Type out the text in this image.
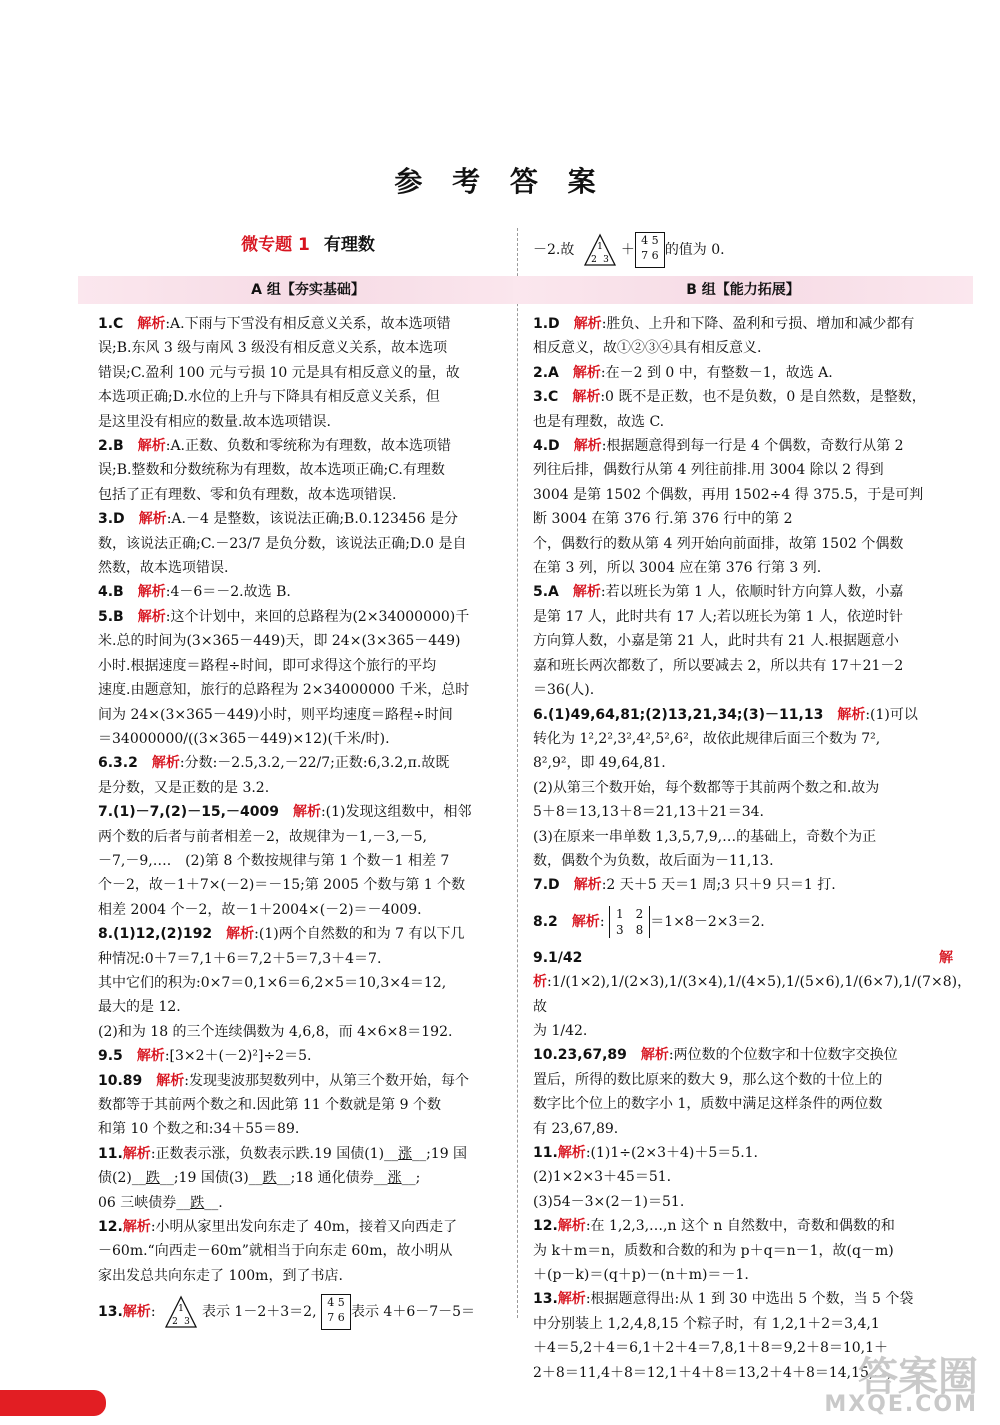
参 考 答 案
微专题 1 有理数
A 组【夯实基础】

1.C　 解析:A.下雨与下雪没有相反意义关系，故本选项错

误;B.东风 3 级与南风 3 级没有相反意义关系，故本选项

错误;C.盈利 100 元与亏损 10 元是具有相反意义的量，故

本选项正确;D.水位的上升与下降具有相反意义关系，但

是这里没有相应的数量.故本选项错误.

2.B　 解析:A.正数、负数和零统称为有理数，故本选项错

误;B.整数和分数统称为有理数，故本选项正确;C.有理数

包括了正有理数、零和负有理数，故本选项错误.

3.D　 解析:A.－4 是整数，该说法正确;B.0.123456 是分

数，该说法正确;C.－23/7 是负分数，该说法正确;D.0 是自

然数，故本选项错误.

4.B　 解析:4－6＝－2.故选 B.

5.B　 解析:这个计划中，来回的总路程为(2×34000000)千

米.总的时间为(3×365－449)天，即 24×(3×365－449)

小时.根据速度＝路程÷时间，即可求得这个旅行的平均

速度.由题意知，旅行的总路程为 2×34000000 千米，总时

间为 24×(3×365－449)小时，则平均速度＝路程÷时间

＝34000000/((3×365－449)×12)(千米/时).

6.3.2　 解析:分数:－2.5,3.2,－22/7;正数:6,3.2,π.故既

是分数，又是正数的是 3.2.

7.(1)－7,(2)－15,－4009　 解析:(1)发现这组数中，相邻

两个数的后者与前者相差－2，故规律为－1,－3,－5,

－7,－9,….　(2)第 8 个数按规律与第 1 个数－1 相差 7

个－2，故－1＋7×(－2)＝－15;第 2005 个数与第 1 个数

相差 2004 个－2，故－1＋2004×(－2)＝－4009.

8.(1)12,(2)192　 解析:(1)两个自然数的和为 7 有以下几

种情况:0＋7＝7,1＋6＝7,2＋5＝7,3＋4＝7.

其中它们的积为:0×7＝0,1×6＝6,2×5＝10,3×4＝12,

最大的是 12.

(2)和为 18 的三个连续偶数为 4,6,8，而 4×6×8＝192.

9.5　 解析:[3×2＋(－2)²]÷2＝5.

10.89　 解析:发现斐波那契数列中，从第三个数开始，每个

数都等于其前两个数之和.因此第 11 个数就是第 9 个数

和第 10 个数之和:34＋55＝89.

11.解析:正数表示涨，负数表示跌.19 国债(1)__涨__;19 国

债(2)__跌__;19 国债(3)__跌__;18 通化债券__涨__;

06 三峡债券__跌__.

12.解析:小明从家里出发向东走了 40m，接着又向西走了

－60m.“向西走－60m”就相当于向东走 60m，故小明从

家出发总共向东走了 100m，到了书店.

13.解析: 1
2 3
表示 1－2＋3＝2, 4 5
7 6 表示 4＋6－7－5＝

－2.故	1
2 3
＋4 5
7 6 的值为 0.
B 组【能力拓展】

1.D　 解析:胜负、上升和下降、盈利和亏损、增加和减少都有

相反意义，故①②③④具有相反意义.

2.A　 解析:在－2 到 0 中，有整数－1，故选 A.

3.C　 解析:0 既不是正数，也不是负数，0 是自然数，是整数，

也是有理数，故选 C.

4.D　 解析:根据题意得到每一行是 4 个偶数，奇数行从第 2

列往后排，偶数行从第 4 列往前排.用 3004 除以 2 得到

3004 是第 1502 个偶数，再用 1502÷4 得 375.5，于是可判

断 3004 在第 376 行.第 376 行中的第 2

个，偶数行的数从第 4 列开始向前面排，故第 1502 个偶数

在第 3 列，所以 3004 应在第 376 行第 3 列.

5.A　 解析:若以班长为第 1 人，依顺时针方向算人数，小嘉

是第 17 人，此时共有 17 人;若以班长为第 1 人，依逆时针

方向算人数，小嘉是第 21 人，此时共有 21 人.根据题意小

嘉和班长两次都数了，所以要减去 2，所以共有 17＋21－2

＝36(人).

6.(1)49,64,81;(2)13,21,34;(3)－11,13　 解析:(1)可以

转化为 1²,2²,3²,4²,5²,6²，故依此规律后面三个数为 7²,

8²,9²，即 49,64,81.

(2)从第三个数开始，每个数都等于其前两个数之和.故为

5＋8＝13,13＋8＝21,13＋21＝34.

(3)在原来一串单数 1,3,5,7,9,…的基础上，奇数个为正

数，偶数个为负数，故后面为－11,13.

7.D　 解析:2 天＋5 天＝1 周;3 只＋9 只＝1 打.

8.2　 解析: 1　 2
3　 8 ＝1×8－2×3＝2.

9.1/42　	解析:1/(1×2),1/(2×3),1/(3×4),1/(4×5),1/(5×6),1/(6×7),1/(7×8)，故

为 1/42.

10.23,67,89　 解析:两位数的个位数字和十位数字交换位

置后，所得的数比原来的数大 9，那么这个数的十位上的

数字比个位上的数字小 1，质数中满足这样条件的两位数

有 23,67,89.

11.解析:(1)1÷(2×3＋4)＋5＝5.1.

(2)1×2×3＋45＝51.

(3)54－3×(2－1)＝51.

12.解析:在 1,2,3,…,n 这个 n 自然数中，奇数和偶数的和

为 k＋m＝n，质数和合数的和为 p＋q＝n－1，故(q－m)

＋(p－k)＝(q＋p)－(n＋m)＝－1.

13.解析:根据题意得出:从 1 到 30 中选出 5 个数，当 5 个袋

中分别装上 1,2,4,8,15 个粽子时，有 1,2,1＋2＝3,4,1

＋4＝5,2＋4＝6,1＋2＋4＝7,8,1＋8＝9,2＋8＝10,1＋

2＋8＝11,4＋8＝12,1＋4＋8＝13,2＋4＋8＝14,15,…,

答案圈
MXQE.COM
